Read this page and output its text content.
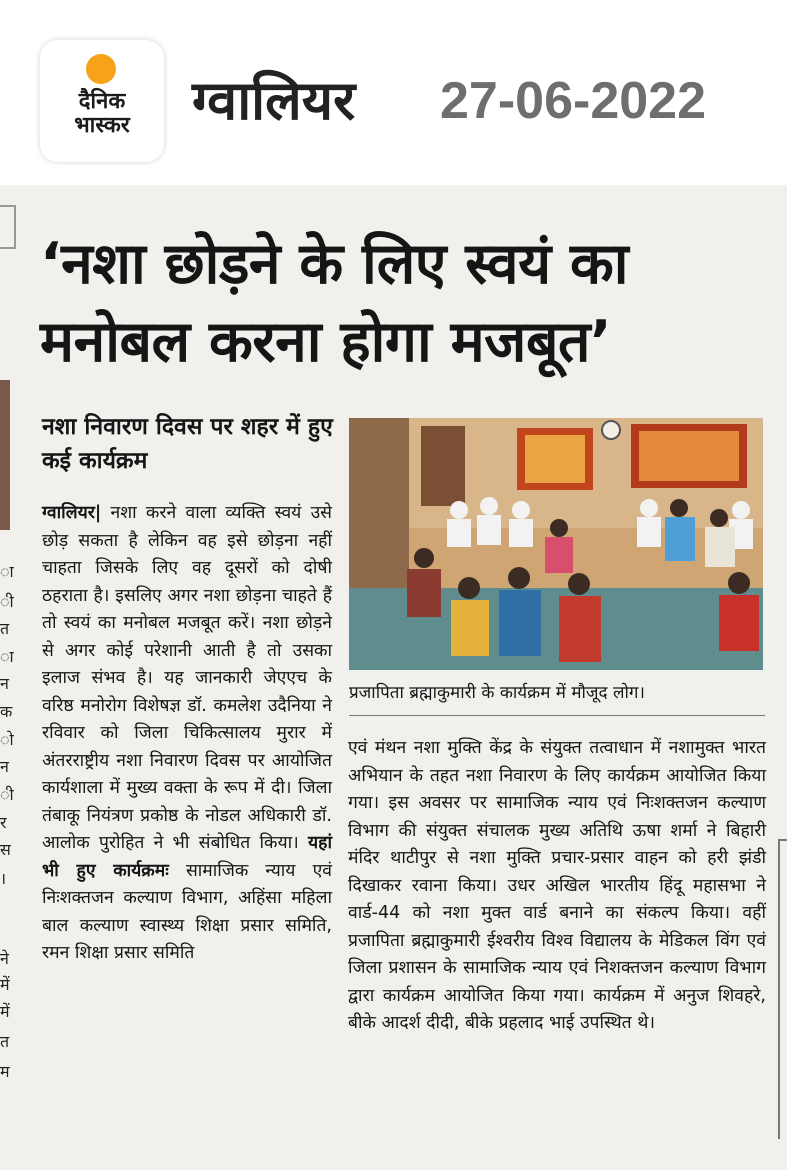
दैनिक
भास्कर	ग्वालियर 27-06-2022
ा
ी
त
ा
न
क
ो
न
ी
र
स
।
ने
में
में
त
म
‘नशा छोड़ने के लिए स्वयं का मनोबल करना होगा मजबूत’
नशा निवारण दिवस पर शहर में हुए कई कार्यक्रम
ग्वालियर| नशा करने वाला व्यक्ति स्वयं उसे छोड़ सकता है लेकिन वह इसे छोड़ना नहीं चाहता जिसके लिए वह दूसरों को दोषी ठहराता है। इसलिए अगर नशा छोड़ना चाहते हैं तो स्वयं का मनोबल मजबूत करें। नशा छोड़ने से अगर कोई परेशानी आती है तो उसका इलाज संभव है। यह जानकारी जेएएच के वरिष्ठ मनोरोग विशेषज्ञ डॉ. कमलेश उदैनिया ने रविवार को जिला चिकित्सालय मुरार में अंतरराष्ट्रीय नशा निवारण दिवस पर आयोजित कार्यशाला में मुख्य वक्ता के रूप में दी। जिला तंबाकू नियंत्रण प्रकोष्ठ के नोडल अधिकारी डॉ. आलोक पुरोहित ने भी संबोधित किया। यहां भी हुए कार्यक्रमः सामाजिक न्याय एवं निःशक्तजन कल्याण विभाग, अहिंसा महिला बाल कल्याण स्वास्थ्य शिक्षा प्रसार समिति, रमन शिक्षा प्रसार समिति
प्रजापिता ब्रह्माकुमारी के कार्यक्रम में मौजूद लोग।
एवं मंथन नशा मुक्ति केंद्र के संयुक्त तत्वाधान में नशामुक्त भारत अभियान के तहत नशा निवारण के लिए कार्यक्रम आयोजित किया गया। इस अवसर पर सामाजिक न्याय एवं निःशक्तजन कल्याण विभाग की संयुक्त संचालक मुख्य अतिथि ऊषा शर्मा ने बिहारी मंदिर थाटीपुर से नशा मुक्ति प्रचार-प्रसार वाहन को हरी झंडी दिखाकर रवाना किया। उधर अखिल भारतीय हिंदू महासभा ने वार्ड-44 को नशा मुक्त वार्ड बनाने का संकल्प किया। वहीं प्रजापिता ब्रह्माकुमारी ईश्वरीय विश्व विद्यालय के मेडिकल विंग एवं जिला प्रशासन के सामाजिक न्याय एवं निशक्तजन कल्याण विभाग द्वारा कार्यक्रम आयोजित किया गया। कार्यक्रम में अनुज शिवहरे, बीके आदर्श दीदी, बीके प्रहलाद भाई उपस्थित थे।
